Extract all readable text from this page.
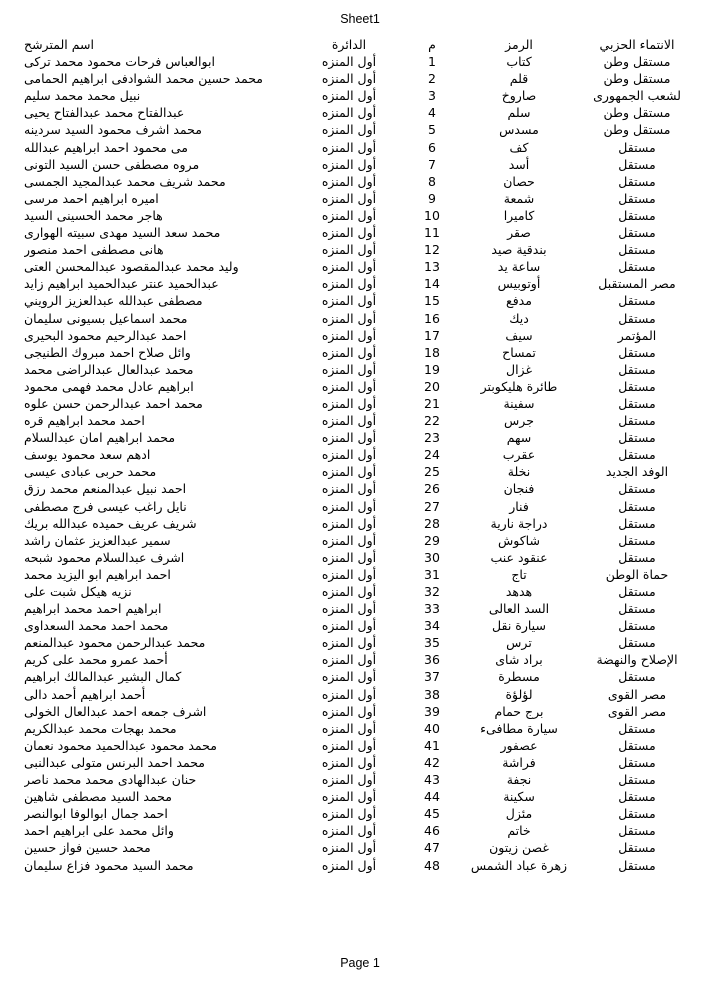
Sheet1
الانتماء الحزبي	الرمز	م	الدائرة	اسم المترشح
مستقل وطن	كتاب	1	أول المنزه	ابوالعباس فرحات محمود محمد تركى
مستقل وطن	قلم	2	أول المنزه	محمد حسين محمد الشوادفى ابراهيم الحمامى
لشعب الجمهورى	صاروخ	3	أول المنزه	نبيل محمد محمد سليم
مستقل وطن	سلم	4	أول المنزه	عبدالفتاح محمد عبدالفتاح يحيى
مستقل وطن	مسدس	5	أول المنزه	محمد اشرف محمود السيد سردينه
مستقل	كف	6	أول المنزه	مى محمود احمد ابراهيم عبدالله
مستقل	أسد	7	أول المنزه	مروه مصطفى حسن السيد التونى
مستقل	حصان	8	أول المنزه	محمد شريف محمد عبدالمجيد الجمسى
مستقل	شمعة	9	أول المنزه	اميره ابراهيم احمد مرسى
مستقل	كاميرا	10	أول المنزه	هاجر محمد الحسينى السيد
مستقل	صقر	11	أول المنزه	محمد سعد السيد مهدى سبيته الهوارى
مستقل	بندقية صيد	12	أول المنزه	هانى مصطفى احمد منصور
مستقل	ساعة يد	13	أول المنزه	وليد محمد عبدالمقصود عبدالمحسن العتى
مصر المستقبل	أوتوبيس	14	أول المنزه	عبدالحميد عنتر عبدالحميد ابراهيم زايد
مستقل	مدفع	15	أول المنزه	مصطفى عبدالله عبدالعزيز الرويني
مستقل	ديك	16	أول المنزه	محمد اسماعيل بسيونى سليمان
المؤتمر	سيف	17	أول المنزه	احمد عبدالرحيم محمود البحيرى
مستقل	تمساح	18	أول المنزه	وائل صلاح احمد مبروك الطنيجى
مستقل	غزال	19	أول المنزه	محمد عبدالعال عبدالراضى محمد
مستقل	طائرة هليكوبتر	20	أول المنزه	ابراهيم عادل محمد فهمى محمود
مستقل	سفينة	21	أول المنزه	محمد احمد عبدالرحمن حسن علوه
مستقل	جرس	22	أول المنزه	احمد محمد ابراهيم قره
مستقل	سهم	23	أول المنزه	محمد ابراهيم امان عبدالسلام
مستقل	عقرب	24	أول المنزه	ادهم سعد محمود يوسف
الوفد الجديد	نخلة	25	أول المنزه	محمد حربى عبادى عيسى
مستقل	فنجان	26	أول المنزه	احمد نبيل عبدالمنعم محمد رزق
مستقل	فنار	27	أول المنزه	نايل راغب عيسى فرج مصطفى
مستقل	دراجة نارية	28	أول المنزه	شريف عريف حميده عبدالله بريك
مستقل	شاكوش	29	أول المنزه	سمير عبدالعزيز عثمان راشد
مستقل	عنقود عنب	30	أول المنزه	اشرف عبدالسلام محمود شبحه
حماة الوطن	تاج	31	أول المنزه	احمد ابراهيم ابو اليزيد محمد
مستقل	هدهد	32	أول المنزه	نزيه هيكل شبت على
مستقل	السد العالى	33	أول المنزه	ابراهيم احمد محمد ابراهيم
مستقل	سيارة نقل	34	أول المنزه	محمد احمد محمد السعداوى
مستقل	ترس	35	أول المنزه	محمد عبدالرحمن محمود عبدالمنعم
الإصلاح والنهضة	براد شاى	36	أول المنزه	أحمد عمرو محمد على كريم
مستقل	مسطرة	37	أول المنزه	كمال البشير عبدالمالك ابراهيم
مصر القوى	لؤلؤة	38	أول المنزه	أحمد ابراهيم أحمد دالى
مصر القوى	برج حمام	39	أول المنزه	اشرف جمعه احمد عبدالعال الخولى
مستقل	سيارة مطافىء	40	أول المنزه	محمد بهجات محمد عبدالكريم
مستقل	عصفور	41	أول المنزه	محمد محمود عبدالحميد محمود نعمان
مستقل	فراشة	42	أول المنزه	محمد احمد البرنس متولى عبدالنبى
مستقل	نجفة	43	أول المنزه	حنان عبدالهادى محمد محمد ناصر
مستقل	سكينة	44	أول المنزه	محمد السيد مصطفى شاهين
مستقل	مئزل	45	أول المنزه	احمد جمال ابوالوفا ابوالنصر
مستقل	خاتم	46	أول المنزه	وائل محمد على ابراهيم احمد
مستقل	غصن زيتون	47	أول المنزه	محمد حسين فواز حسين
مستقل	زهرة عباد الشمس	48	أول المنزه	محمد السيد محمود فزاع سليمان
Page 1
